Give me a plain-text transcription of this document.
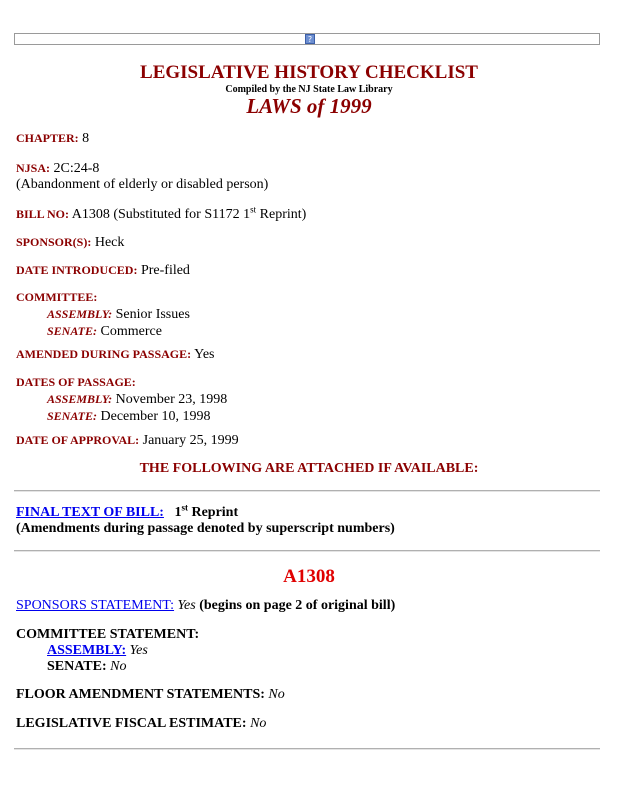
?
LEGISLATIVE HISTORY CHECKLIST
Compiled by the NJ State Law Library
LAWS of 1999
CHAPTER: 8
NJSA: 2C:24-8
(Abandonment of elderly or disabled person)
BILL NO: A1308 (Substituted for S1172 1st Reprint)
SPONSOR(S): Heck
DATE INTRODUCED: Pre-filed
COMMITTEE:

ASSEMBLY: Senior Issues
SENATE: Commerce
AMENDED DURING PASSAGE: Yes
DATES OF PASSAGE:

ASSEMBLY: November 23, 1998
SENATE: December 10, 1998
DATE OF APPROVAL: January 25, 1999
THE FOLLOWING ARE ATTACHED IF AVAILABLE:
FINAL TEXT OF BILL: 1st Reprint
(Amendments during passage denoted by superscript numbers)
A1308
SPONSORS STATEMENT: Yes (begins on page 2 of original bill)
COMMITTEE STATEMENT:

ASSEMBLY: Yes
SENATE: No
FLOOR AMENDMENT STATEMENTS: No
LEGISLATIVE FISCAL ESTIMATE: No
